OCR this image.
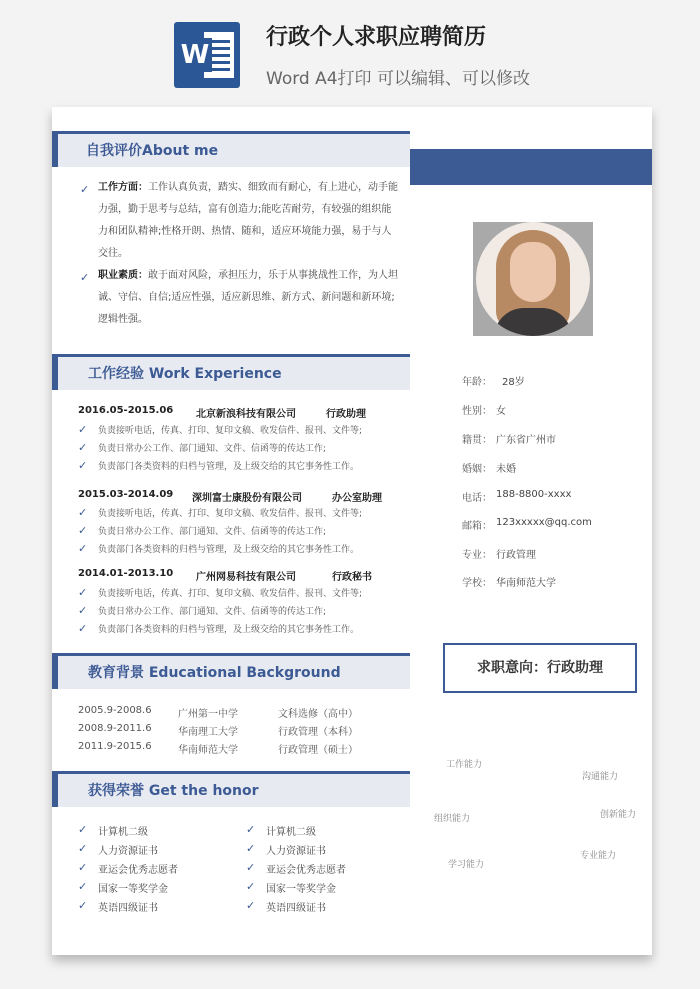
W
行政个人求职应聘简历
Word A4打印 可以编辑、可以修改
自我评价About me
✓ 工作方面：工作认真负责，踏实、细致而有耐心，有上进心，动手能力强，勤于思考与总结，富有创造力;能吃苦耐劳，有较强的组织能力和团队精神;性格开朗、热情、随和，适应环境能力强，易于与人交往。
✓ 职业素质：敢于面对风险，承担压力，乐于从事挑战性工作，为人坦诚、守信、自信;适应性强，适应新思维、新方式、新问题和新环境;逻辑性强。
工作经验 Work Experience
2016.05-2015.06 北京新浪科技有限公司	行政助理
✓ 负责接听电话，传真、打印、复印文稿、收发信件、报刊、文件等;
✓ 负责日常办公工作、部门通知、文件、信函等的传达工作;
✓ 负责部门各类资料的归档与管理，及上级交给的其它事务性工作。
2015.03-2014.09 深圳富士康股份有限公司	办公室助理
✓ 负责接听电话，传真、打印、复印文稿、收发信件、报刊、文件等;
✓ 负责日常办公工作、部门通知、文件、信函等的传达工作;
✓ 负责部门各类资料的归档与管理，及上级交给的其它事务性工作。
2014.01-2013.10 广州网易科技有限公司	行政秘书
✓ 负责接听电话，传真、打印、复印文稿、收发信件、报刊、文件等;
✓ 负责日常办公工作、部门通知、文件、信函等的传达工作;
✓ 负责部门各类资料的归档与管理，及上级交给的其它事务性工作。
教育背景 Educational Background
2005.9-2008.6	广州第一中学	文科选修（高中）
2008.9-2011.6	华南理工大学	行政管理（本科）
2011.9-2015.6	华南师范大学	行政管理（硕士）
获得荣誉 Get the honor
✓ 计算机二级
✓ 人力资源证书
✓ 亚运会优秀志愿者
✓ 国家一等奖学金
✓ 英语四级证书
✓ 计算机二级
✓ 人力资源证书
✓ 亚运会优秀志愿者
✓ 国家一等奖学金
✓ 英语四级证书
年龄： 28岁
性别： 女
籍贯： 广东省广州市
婚姻： 未婚
电话： 188-8800-xxxx
邮箱： 123xxxxx@qq.com
专业： 行政管理
学校： 华南师范大学
求职意向：行政助理
工作能力
沟通能力
组织能力	创新能力
学习能力
专业能力
